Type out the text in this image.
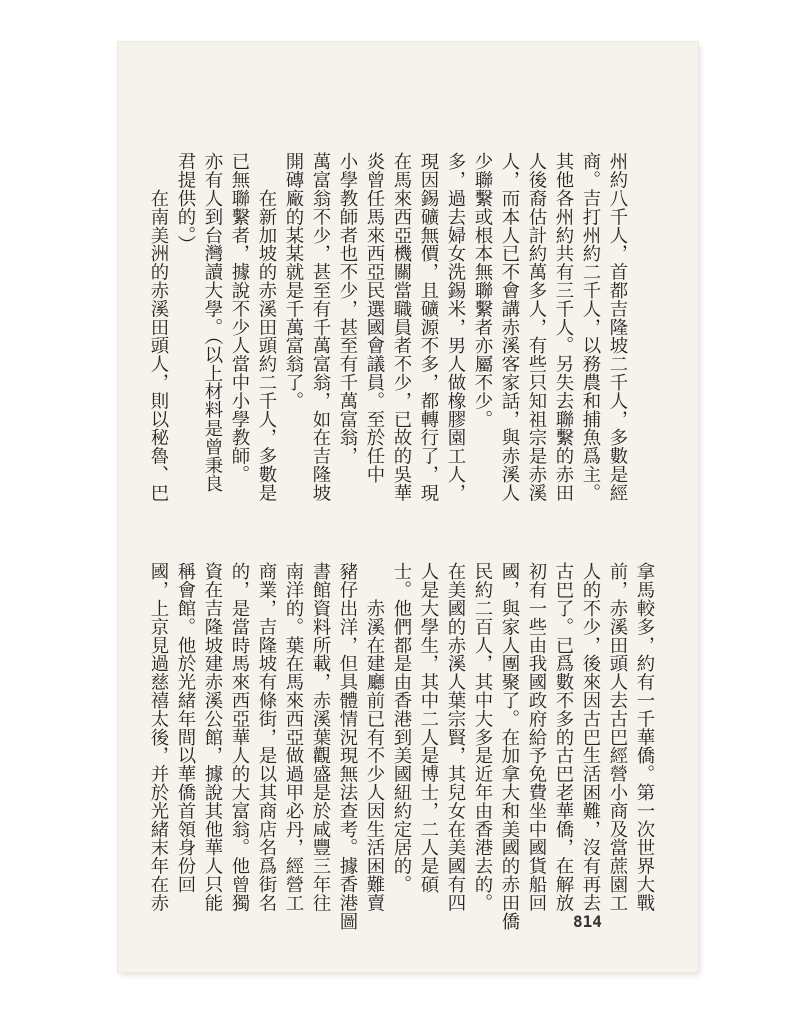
州約八千人，首都吉隆坡二千人，多數是經
商。吉打州約二千人，以務農和捕魚爲主。
其他各州約共有三千人。另失去聯繫的赤田
人後裔估計約萬多人，有些只知祖宗是赤溪
人，而本人已不會講赤溪客家話，與赤溪人
少聯繫或根本無聯繫者亦屬不少。
多，過去婦女洗錫米，男人做橡膠園工人，
現因錫礦無價，且礦源不多，都轉行了，現
在馬來西亞機關當職員者不少，已故的吳華
炎曾任馬來西亞民選國會議員。至於任中
小學教師者也不少，甚至有千萬富翁，
萬富翁不少，甚至有千萬富翁，如在吉隆坡
開磚廠的某某就是千萬富翁了。
　　在新加坡的赤溪田頭約二千人，多數是
已無聯繫者，據說不少人當中小學教師。
亦有人到台灣讀大學。（以上材料是曾秉良
君提供的。）
　　在南美洲的赤溪田頭人，則以秘魯、巴
拿馬較多，約有一千華僑。第一次世界大戰
前，赤溪田頭人去古巴經營小商及當蔗園工
人的不少，後來因古巴生活困難，沒有再去
古巴了。已爲數不多的古巴老華僑，在解放
初有一些由我國政府給予免費坐中國貨船回
國，與家人團聚了。在加拿大和美國的赤田僑
民約二百人，其中大多是近年由香港去的。
在美國的赤溪人葉宗賢，其兒女在美國有四
人是大學生，其中二人是博士，二人是碩
士。他們都是由香港到美國紐約定居的。
　　赤溪在建廳前已有不少人因生活困難賣
豬仔出洋，但具體情況現無法查考。據香港圖
書館資料所載，赤溪葉觀盛是於咸豐三年往
南洋的。葉在馬來西亞做過甲必丹，經營工
商業，吉隆坡有條街，是以其商店名爲街名
的，是當時馬來西亞華人的大富翁。他曾獨
資在吉隆坡建赤溪公館，據說其他華人只能
稱會館。他於光緒年間以華僑首領身份回
國，上京見過慈禧太後，并於光緒末年在赤
814
